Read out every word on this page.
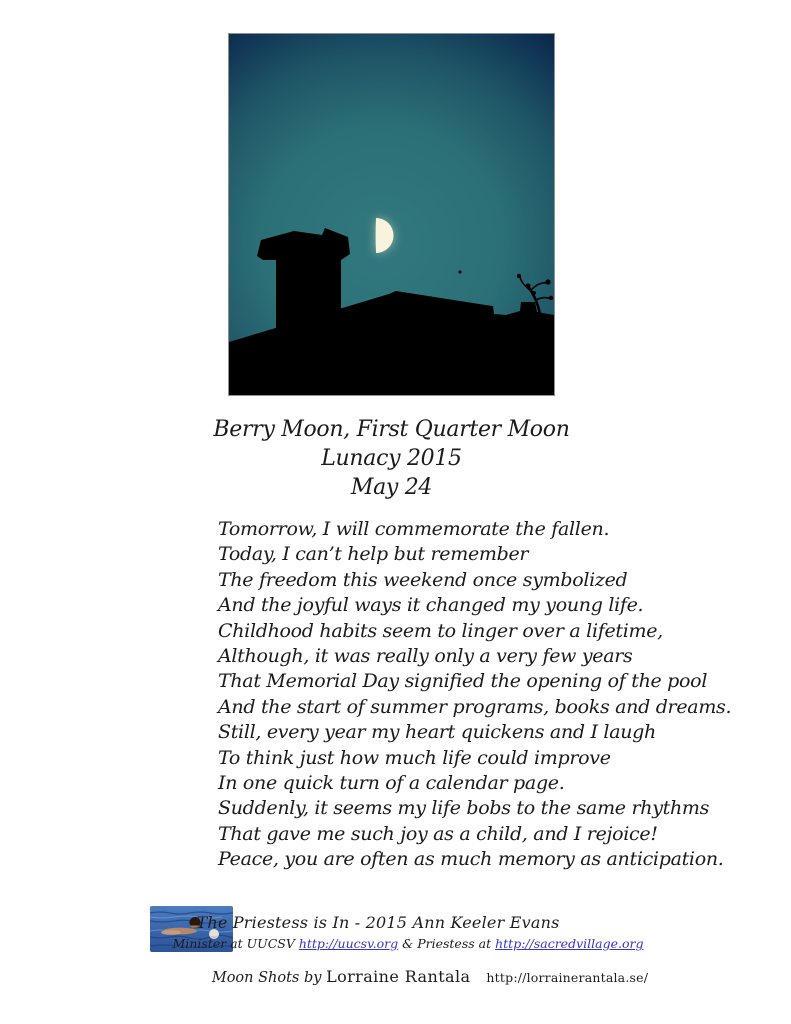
Berry Moon, First Quarter Moon
Lunacy 2015
May 24
Tomorrow, I will commemorate the fallen.
Today, I can’t help but remember
The freedom this weekend once symbolized
And the joyful ways it changed my young life.
Childhood habits seem to linger over a lifetime,
Although, it was really only a very few years
That Memorial Day signified the opening of the pool
And the start of summer programs, books and dreams.
Still, every year my heart quickens and I laugh
To think just how much life could improve
In one quick turn of a calendar page.
Suddenly, it seems my life bobs to the same rhythms
That gave me such joy as a child, and I rejoice!
Peace, you are often as much memory as anticipation.
The Priestess is In - 2015 Ann Keeler Evans
Minister at UUCSV http://uucsv.org & Priestess at http://sacredvillage.org
Moon Shots by Lorraine Rantala http://lorrainerantala.se/
